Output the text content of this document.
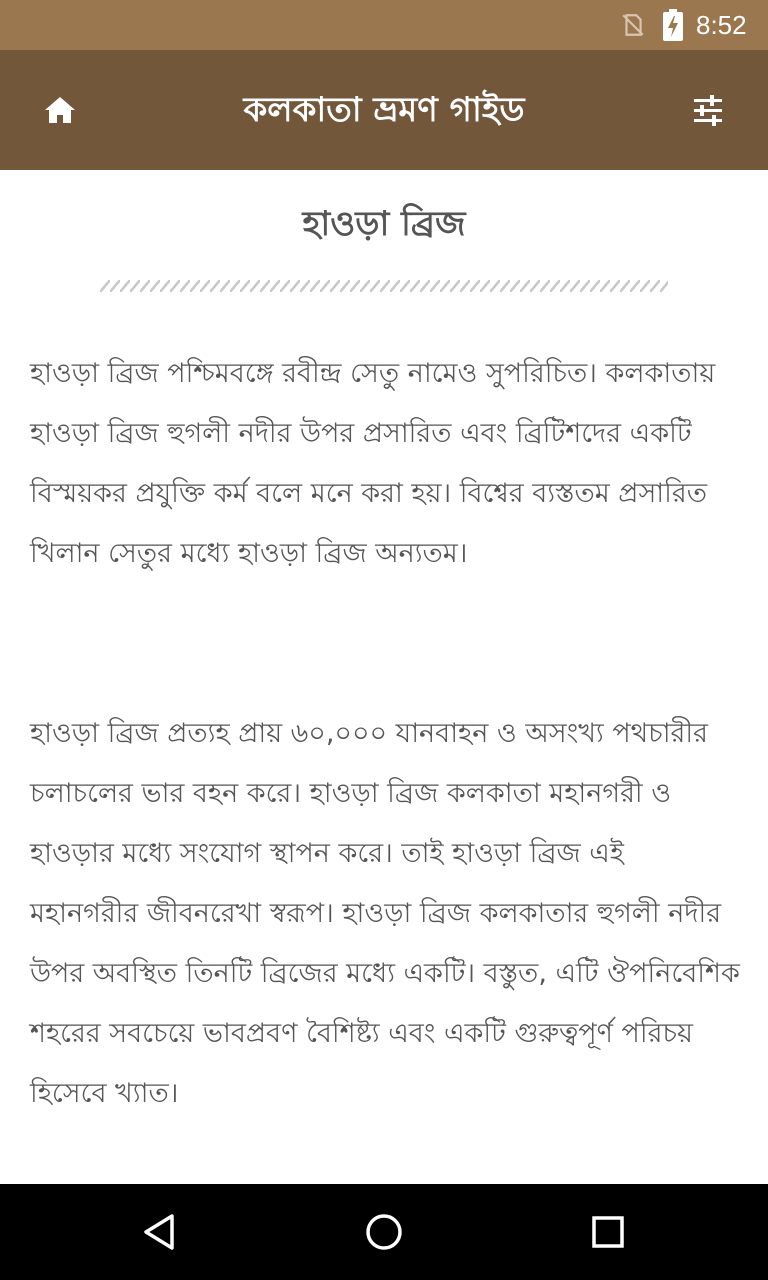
8:52
কলকাতা ভ্রমণ গাইড
হাওড়া ব্রিজ

হাওড়া ব্রিজ পশ্চিমবঙ্গে রবীন্দ্র সেতু নামেও সুপরিচিত। কলকাতায় হাওড়া ব্রিজ হুগলী নদীর উপর প্রসারিত এবং ব্রিটিশদের একটি বিস্ময়কর প্রযুক্তি কর্ম বলে মনে করা হয়। বিশ্বের ব্যস্ততম প্রসারিত খিলান সেতুর মধ্যে হাওড়া ব্রিজ অন্যতম।

হাওড়া ব্রিজ প্রত্যহ প্রায় ৬০,০০০ যানবাহন ও অসংখ্য পথচারীর চলাচলের ভার বহন করে। হাওড়া ব্রিজ কলকাতা মহানগরী ও হাওড়ার মধ্যে সংযোগ স্থাপন করে। তাই হাওড়া ব্রিজ এই মহানগরীর জীবনরেখা স্বরূপ। হাওড়া ব্রিজ কলকাতার হুগলী নদীর উপর অবস্থিত তিনটি ব্রিজের মধ্যে একটি। বস্তুত, এটি ঔপনিবেশিক শহরের সবচেয়ে ভাবপ্রবণ বৈশিষ্ট্য এবং একটি গুরুত্বপূর্ণ পরিচয় হিসেবে খ্যাত।
